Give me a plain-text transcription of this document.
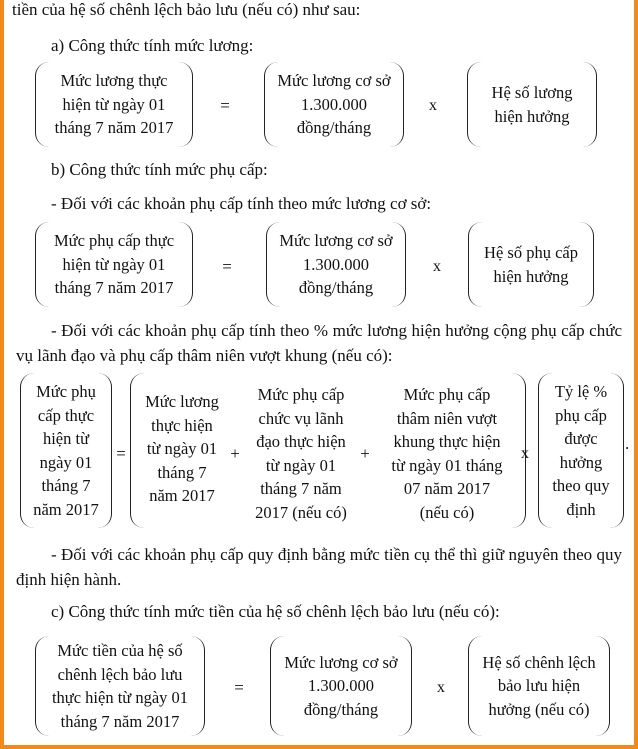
tiền của hệ số chênh lệch bảo lưu (nếu có) như sau:
a) Công thức tính mức lương:
Mức lương thực
hiện từ ngày 01
tháng 7 năm 2017
=
Mức lương cơ sở
1.300.000
đồng/tháng
x
Hệ số lương
hiện hưởng
b) Công thức tính mức phụ cấp:
- Đối với các khoản phụ cấp tính theo mức lương cơ sở:
Mức phụ cấp thực
hiện từ ngày 01
tháng 7 năm 2017
=
Mức lương cơ sở
1.300.000
đồng/tháng
x
Hệ số phụ cấp
hiện hưởng
- Đối với các khoản phụ cấp tính theo % mức lương hiện hưởng cộng phụ cấp chức vụ lãnh đạo và phụ cấp thâm niên vượt khung (nếu có):
Mức phụ
cấp thực
hiện từ
ngày 01
tháng 7
năm 2017
=
Mức lương
thực hiện
từ ngày 01
tháng 7
năm 2017
+
Mức phụ cấp
chức vụ lãnh
đạo thực hiện
từ ngày 01
tháng 7 năm
2017 (nếu có)
+
Mức phụ cấp
thâm niên vượt
khung thực hiện
từ ngày 01 tháng
07 năm 2017
(nếu có)
x
Tỷ lệ %
phụ cấp
được
hưởng
theo quy
định
.
- Đối với các khoản phụ cấp quy định bằng mức tiền cụ thể thì giữ nguyên theo quy định hiện hành.
c) Công thức tính mức tiền của hệ số chênh lệch bảo lưu (nếu có):
Mức tiền của hệ số
chênh lệch bảo lưu
thực hiện từ ngày 01
tháng 7 năm 2017
=
Mức lương cơ sở
1.300.000
đồng/tháng
x
Hệ số chênh lệch
bảo lưu hiện
hưởng (nếu có)
